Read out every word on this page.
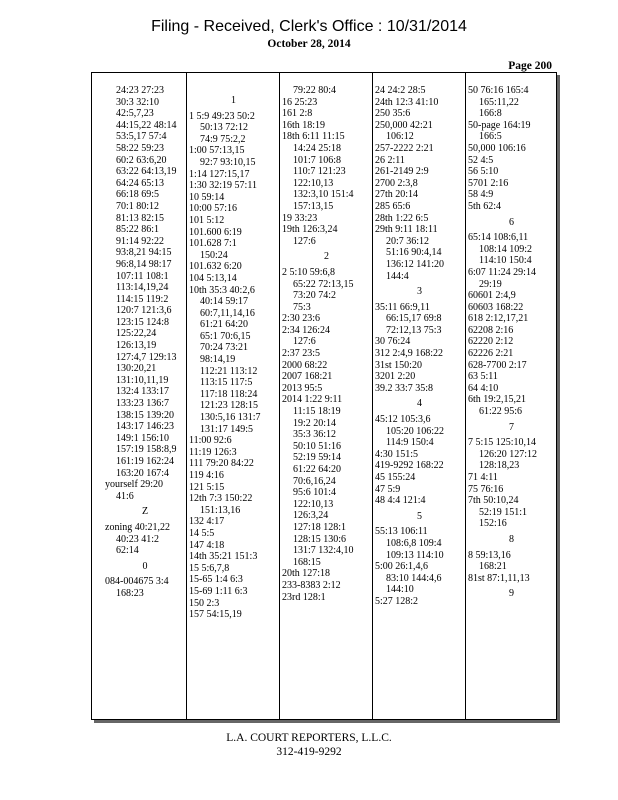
Filing - Received, Clerk's Office : 10/31/2014
October 28, 2014
Page 200
24:23 27:23
30:3 32:10
42:5,7,23
44:15,22 48:14
53:5,17 57:4
58:22 59:23
60:2 63:6,20
63:22 64:13,19
64:24 65:13
66:18 69:5
70:1 80:12
81:13 82:15
85:22 86:1
91:14 92:22
93:8,21 94:15
96:8,14 98:17
107:11 108:1
113:14,19,24
114:15 119:2
120:7 121:3,6
123:15 124:8
125:22,24
126:13,19
127:4,7 129:13
130:20,21
131:10,11,19
132:4 133:17
133:23 136:7
138:15 139:20
143:17 146:23
149:1 156:10
157:19 158:8,9
161:19 162:24
163:20 167:4
yourself 29:20
41:6
Z
zoning 40:21,22
40:23 41:2
62:14
0
084-004675 3:4
168:23
1
1 5:9 49:23 50:2
50:13 72:12
74:9 75:2,2
1:00 57:13,15
92:7 93:10,15
1:14 127:15,17
1:30 32:19 57:11
10 59:14
10:00 57:16
101 5:12
101.600 6:19
101.628 7:1
150:24
101.632 6:20
104 5:13,14
10th 35:3 40:2,6
40:14 59:17
60:7,11,14,16
61:21 64:20
65:1 70:6,15
70:24 73:21
98:14,19
112:21 113:12
113:15 117:5
117:18 118:24
121:23 128:15
130:5,16 131:7
131:17 149:5
11:00 92:6
11:19 126:3
111 79:20 84:22
119 4:16
121 5:15
12th 7:3 150:22
151:13,16
132 4:17
14 5:5
147 4:18
14th 35:21 151:3
15 5:6,7,8
15-65 1:4 6:3
15-69 1:11 6:3
150 2:3
157 54:15,19
79:22 80:4
16 25:23
161 2:8
16th 18:19
18th 6:11 11:15
14:24 25:18
101:7 106:8
110:7 121:23
122:10,13
132:3,10 151:4
157:13,15
19 33:23
19th 126:3,24
127:6
2
2 5:10 59:6,8
65:22 72:13,15
73:20 74:2
75:3
2:30 23:6
2:34 126:24
127:6
2:37 23:5
2000 68:22
2007 168:21
2013 95:5
2014 1:22 9:11
11:15 18:19
19:2 20:14
35:3 36:12
50:10 51:16
52:19 59:14
61:22 64:20
70:6,16,24
95:6 101:4
122:10,13
126:3,24
127:18 128:1
128:15 130:6
131:7 132:4,10
168:15
20th 127:18
233-8383 2:12
23rd 128:1
24 24:2 28:5
24th 12:3 41:10
250 35:6
250,000 42:21
106:12
257-2222 2:21
26 2:11
261-2149 2:9
2700 2:3,8
27th 20:14
285 65:6
28th 1:22 6:5
29th 9:11 18:11
20:7 36:12
51:16 90:4,14
136:12 141:20
144:4
3
35:11 66:9,11
66:15,17 69:8
72:12,13 75:3
30 76:24
312 2:4,9 168:22
31st 150:20
3201 2:20
39.2 33:7 35:8
4
45:12 105:3,6
105:20 106:22
114:9 150:4
4:30 151:5
419-9292 168:22
45 155:24
47 5:9
48 4:4 121:4
5
55:13 106:11
108:6,8 109:4
109:13 114:10
5:00 26:1,4,6
83:10 144:4,6
144:10
5:27 128:2
50 76:16 165:4
165:11,22
166:8
50-page 164:19
166:5
50,000 106:16
52 4:5
56 5:10
5701 2:16
58 4:9
5th 62:4
6
65:14 108:6,11
108:14 109:2
114:10 150:4
6:07 11:24 29:14
29:19
60601 2:4,9
60603 168:22
618 2:12,17,21
62208 2:16
62220 2:12
62226 2:21
628-7700 2:17
63 5:11
64 4:10
6th 19:2,15,21
61:22 95:6
7
7 5:15 125:10,14
126:20 127:12
128:18,23
71 4:11
75 76:16
7th 50:10,24
52:19 151:1
152:16
8
8 59:13,16
168:21
81st 87:1,11,13
9
L.A. COURT REPORTERS, L.L.C.
312-419-9292
